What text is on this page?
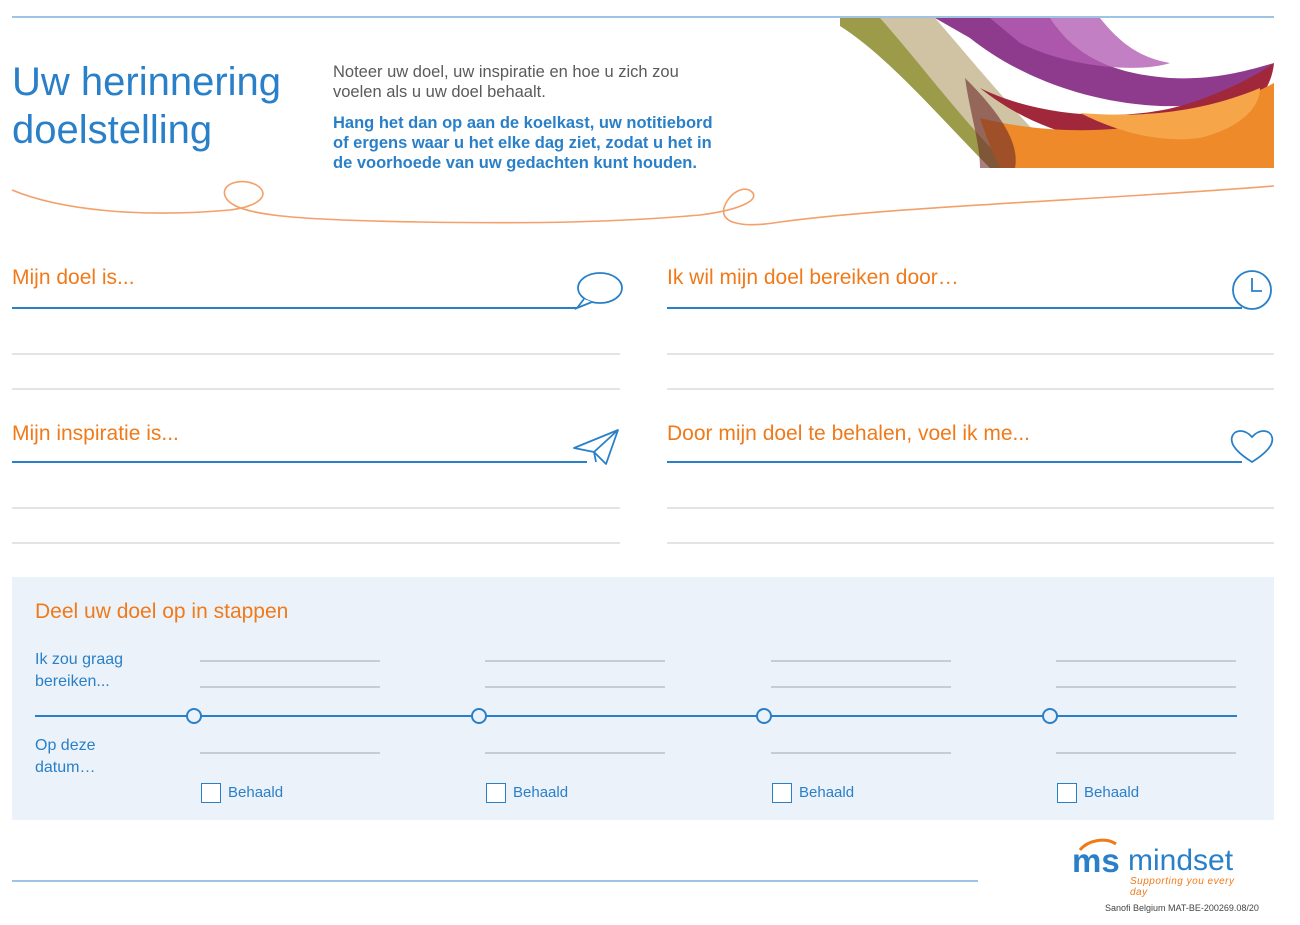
Uw herinnering
doelstelling
Noteer uw doel, uw inspiratie en hoe u zich zou
voelen als u uw doel behaalt.
Hang het dan op aan de koelkast, uw notitiebord
of ergens waar u het elke dag ziet, zodat u het in
de voorhoede van uw gedachten kunt houden.
Mijn doel is...	Ik wil mijn doel bereiken door…
Mijn inspiratie is...	Door mijn doel te behalen, voel ik me...
Deel uw doel op in stappen
Ik zou graag
bereiken...
Op deze
datum…
Behaald	Behaald	Behaald	Behaald
ms mindset
Supporting you every day
Sanofi Belgium MAT-BE-200269.08/20
